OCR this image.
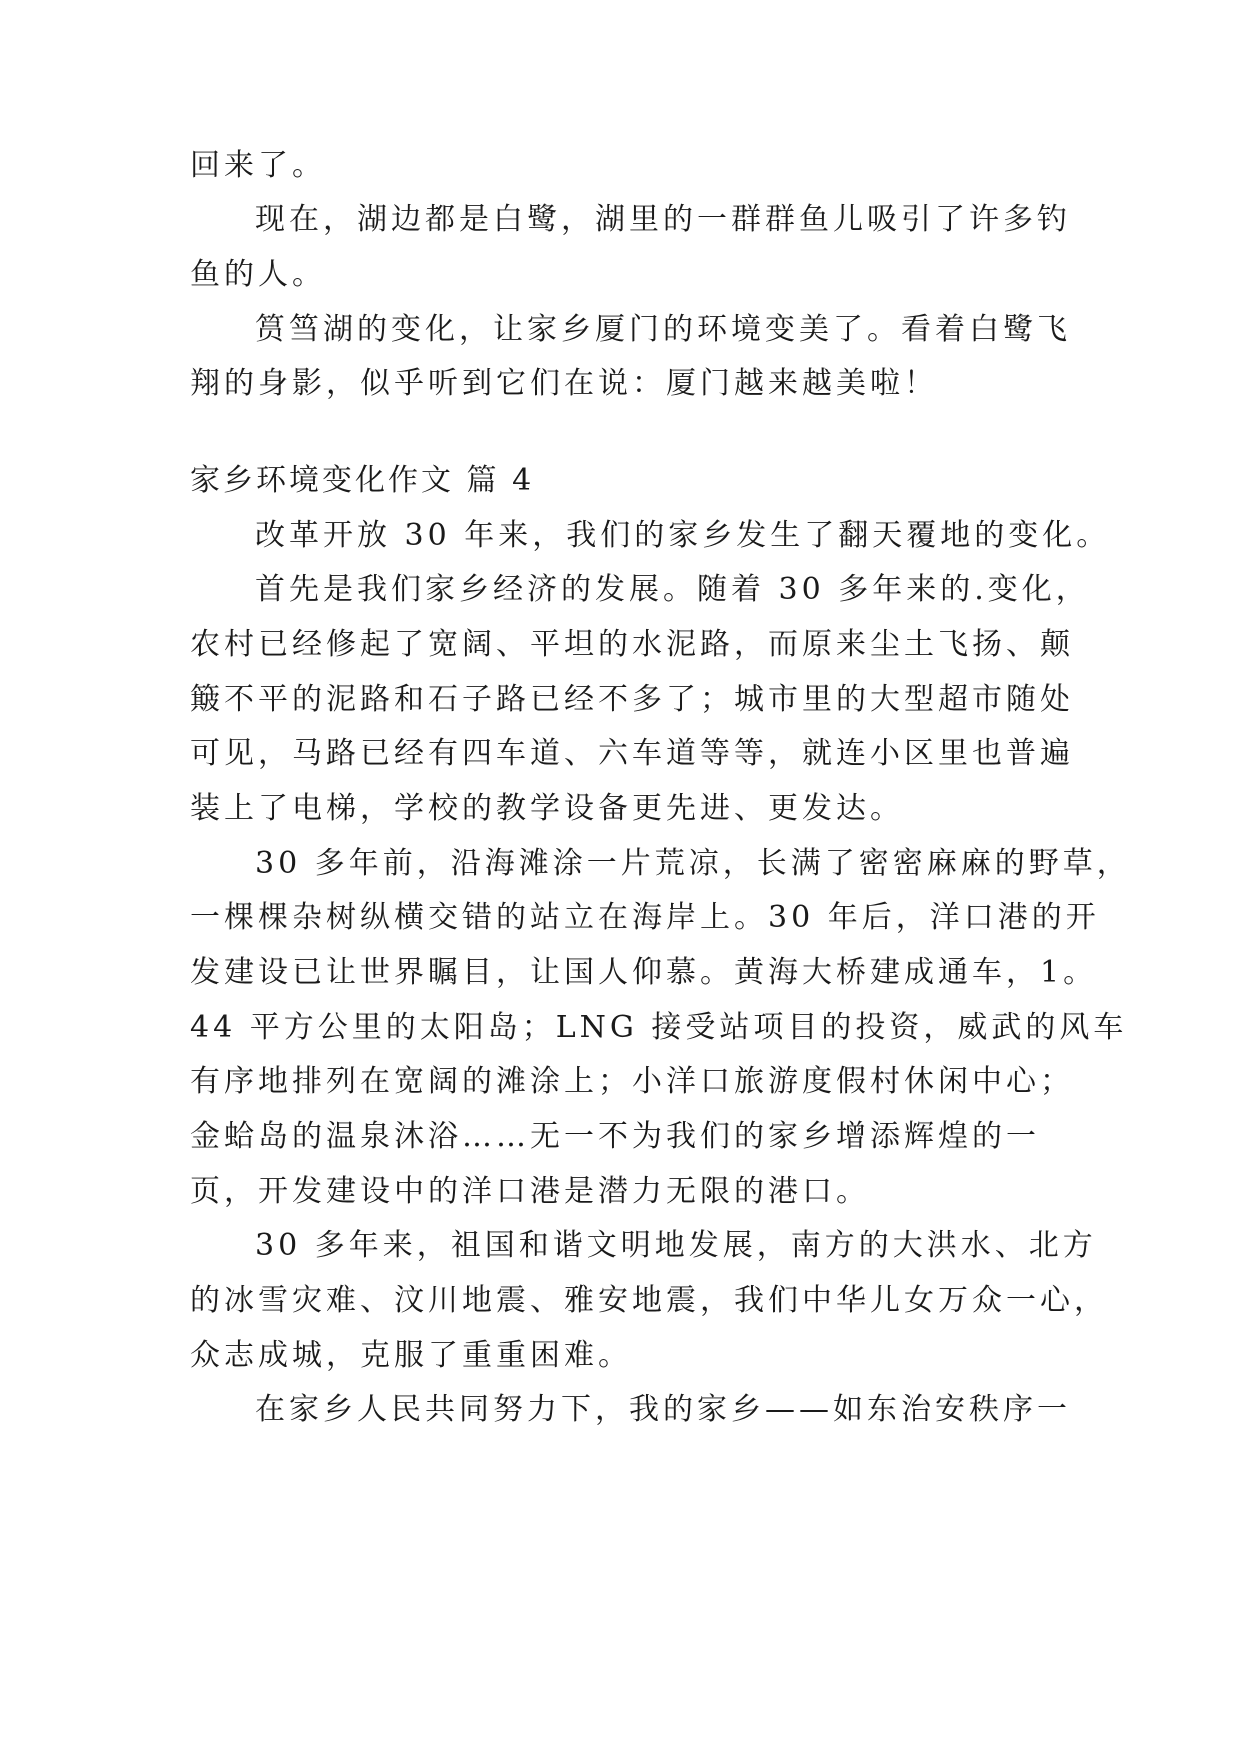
回来了。
现在，湖边都是白鹭，湖里的一群群鱼儿吸引了许多钓
鱼的人。
筼筜湖的变化，让家乡厦门的环境变美了。看着白鹭飞
翔的身影，似乎听到它们在说：厦门越来越美啦！
家乡环境变化作文 篇 4
改革开放 30 年来，我们的家乡发生了翻天覆地的变化。
首先是我们家乡经济的发展。随着 30 多年来的.变化，
农村已经修起了宽阔、平坦的水泥路，而原来尘土飞扬、颠
簸不平的泥路和石子路已经不多了；城市里的大型超市随处
可见，马路已经有四车道、六车道等等，就连小区里也普遍
装上了电梯，学校的教学设备更先进、更发达。
30 多年前，沿海滩涂一片荒凉，长满了密密麻麻的野草，
一棵棵杂树纵横交错的站立在海岸上。30 年后，洋口港的开
发建设已让世界瞩目，让国人仰慕。黄海大桥建成通车，1。
44 平方公里的太阳岛；LNG 接受站项目的投资，威武的风车
有序地排列在宽阔的滩涂上；小洋口旅游度假村休闲中心；
金蛤岛的温泉沐浴……无一不为我们的家乡增添辉煌的一
页，开发建设中的洋口港是潜力无限的港口。
30 多年来，祖国和谐文明地发展，南方的大洪水、北方
的冰雪灾难、汶川地震、雅安地震，我们中华儿女万众一心，
众志成城，克服了重重困难。
在家乡人民共同努力下，我的家乡——如东治安秩序一
